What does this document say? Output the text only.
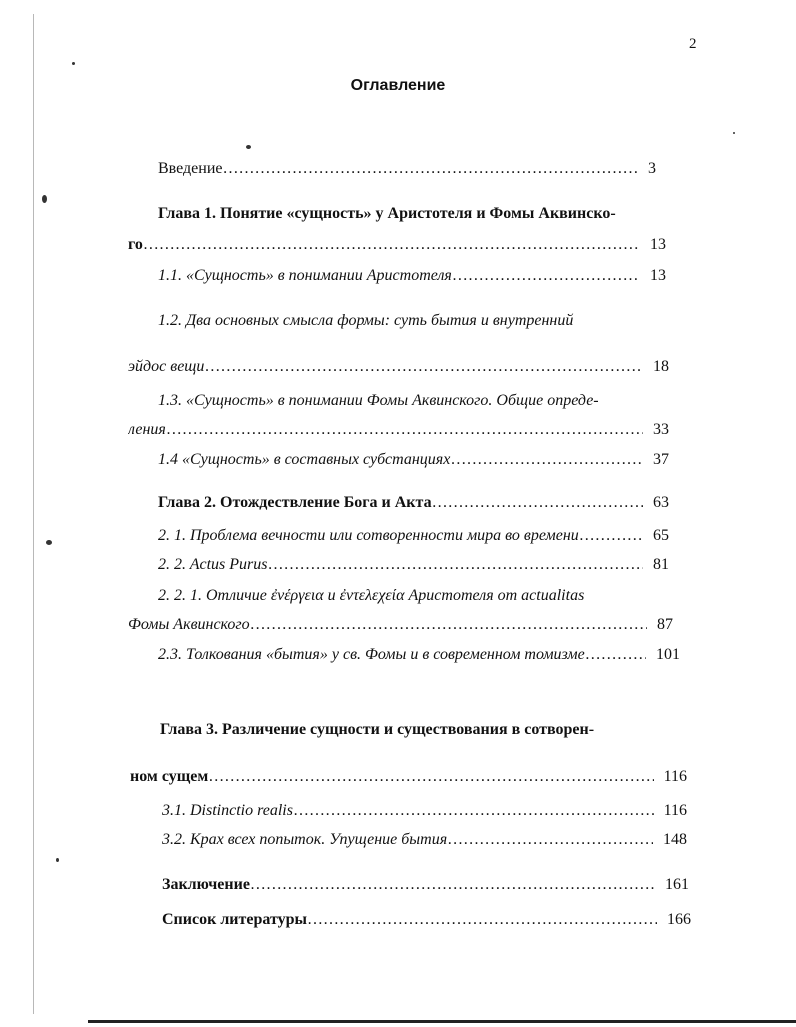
2
Оглавление
Введение ……………………………………………………………………………………………………………………………………………………………………………………………………………………………………………	3
Глава 1. Понятие «сущность» у Аристотеля и Фомы Аквинско-
го ……………………………………………………………………………………………………………………………………………………………………………………………………………………………………………	13
1.1. «Сущность» в понимании Аристотеля ……………………………………………………………………………………………………………………………………………………………………………………………………………………………………………	13
1.2. Два основных смысла формы: суть бытия и внутренний
эйдос вещи ……………………………………………………………………………………………………………………………………………………………………………………………………………………………………………	18
1.3. «Сущность» в понимании Фомы Аквинского. Общие опреде-
ления ……………………………………………………………………………………………………………………………………………………………………………………………………………………………………………	33
1.4 «Сущность» в составных субстанциях ……………………………………………………………………………………………………………………………………………………………………………………………………………………………………………	37
Глава 2. Отождествление Бога и Акта ……………………………………………………………………………………………………………………………………………………………………………………………………………………………………………	63
2. 1. Проблема вечности или сотворенности мира во времени ……………………………………………………………………………………………………………………………………………………………………………………………………………………………………………	65
2. 2. Actus Purus ……………………………………………………………………………………………………………………………………………………………………………………………………………………………………………	81
2. 2. 1. Отличие ἐνέργεια и ἐντελεχεία Аристотеля от actualitas
Фомы Аквинского ……………………………………………………………………………………………………………………………………………………………………………………………………………………………………………	87
2.3. Толкования «бытия» у св. Фомы и в современном томизме ……………………………………………………………………………………………………………………………………………………………………………………………………………………………………………	101
Глава 3. Различение сущности и существования в сотворен-
ном сущем ……………………………………………………………………………………………………………………………………………………………………………………………………………………………………………	116
3.1. Distinctio realis ……………………………………………………………………………………………………………………………………………………………………………………………………………………………………………	116
3.2. Крах всех попыток. Упущение бытия ……………………………………………………………………………………………………………………………………………………………………………………………………………………………………………	148
Заключение ……………………………………………………………………………………………………………………………………………………………………………………………………………………………………………	161
Список литературы ……………………………………………………………………………………………………………………………………………………………………………………………………………………………………………	166
